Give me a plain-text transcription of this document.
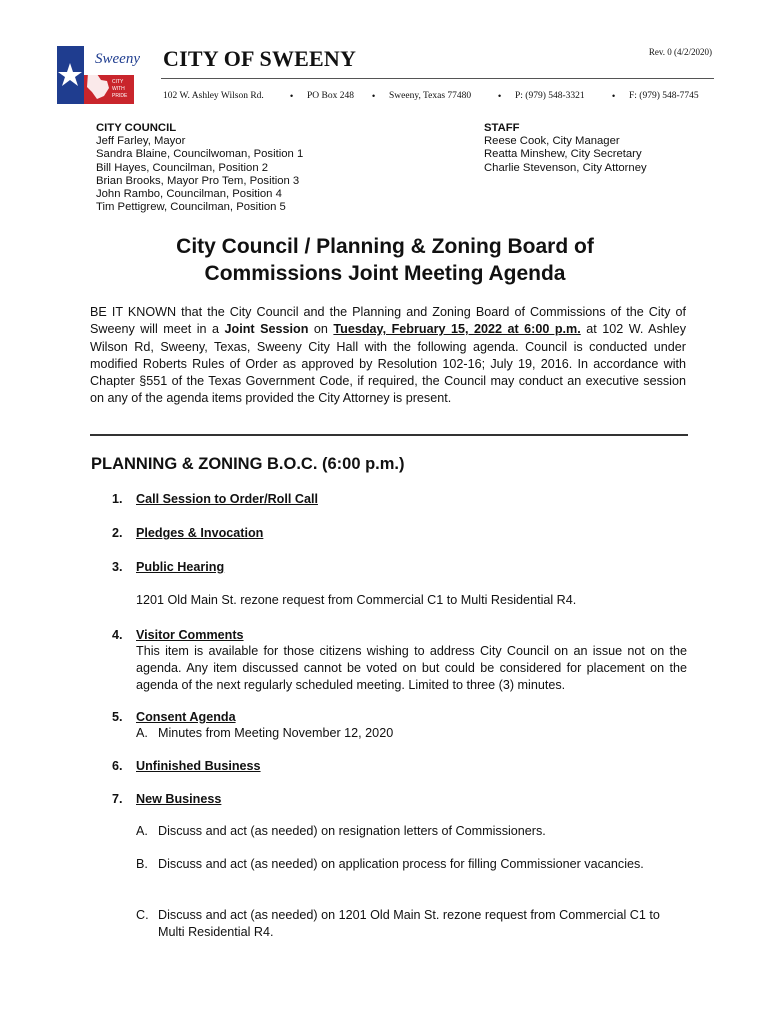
Sweeny
CITY
WITH
PRIDE
Rev. 0 (4/2/2020)
CITY OF SWEENY
102 W. Ashley Wilson Rd.	• PO Box 248 • Sweeny, Texas 77480	• P: (979) 548-3321	• F: (979) 548-7745
CITY COUNCIL
Jeff Farley, Mayor
Sandra Blaine, Councilwoman, Position 1
Bill Hayes, Councilman, Position 2
Brian Brooks, Mayor Pro Tem, Position 3
John Rambo, Councilman, Position 4
Tim Pettigrew, Councilman, Position 5
STAFF
Reese Cook, City Manager
Reatta Minshew, City Secretary
Charlie Stevenson, City Attorney
City Council / Planning & Zoning Board of
Commissions Joint Meeting Agenda
BE IT KNOWN that the City Council and the Planning and Zoning Board of Commissions of the City of Sweeny will meet in a Joint Session on Tuesday, February 15, 2022 at 6:00 p.m. at 102 W. Ashley Wilson Rd, Sweeny, Texas, Sweeny City Hall with the following agenda. Council is conducted under modified Roberts Rules of Order as approved by Resolution 102-16; July 19, 2016. In accordance with Chapter §551 of the Texas Government Code, if required, the Council may conduct an executive session on any of the agenda items provided the City Attorney is present.
PLANNING & ZONING B.O.C. (6:00 p.m.)
1. Call Session to Order/Roll Call
2. Pledges & Invocation
3. Public Hearing
1201 Old Main St. rezone request from Commercial C1 to Multi Residential R4.
4. Visitor Comments
This item is available for those citizens wishing to address City Council on an issue not on the agenda. Any item discussed cannot be voted on but could be considered for placement on the agenda of the next regularly scheduled meeting. Limited to three (3) minutes.
5. Consent Agenda
A. Minutes from Meeting November 12, 2020
6. Unfinished Business
7. New Business
A. Discuss and act (as needed) on resignation letters of Commissioners.
B. Discuss and act (as needed) on application process for filling Commissioner vacancies.
C. Discuss and act (as needed) on 1201 Old Main St. rezone request from Commercial C1 to Multi Residential R4.
